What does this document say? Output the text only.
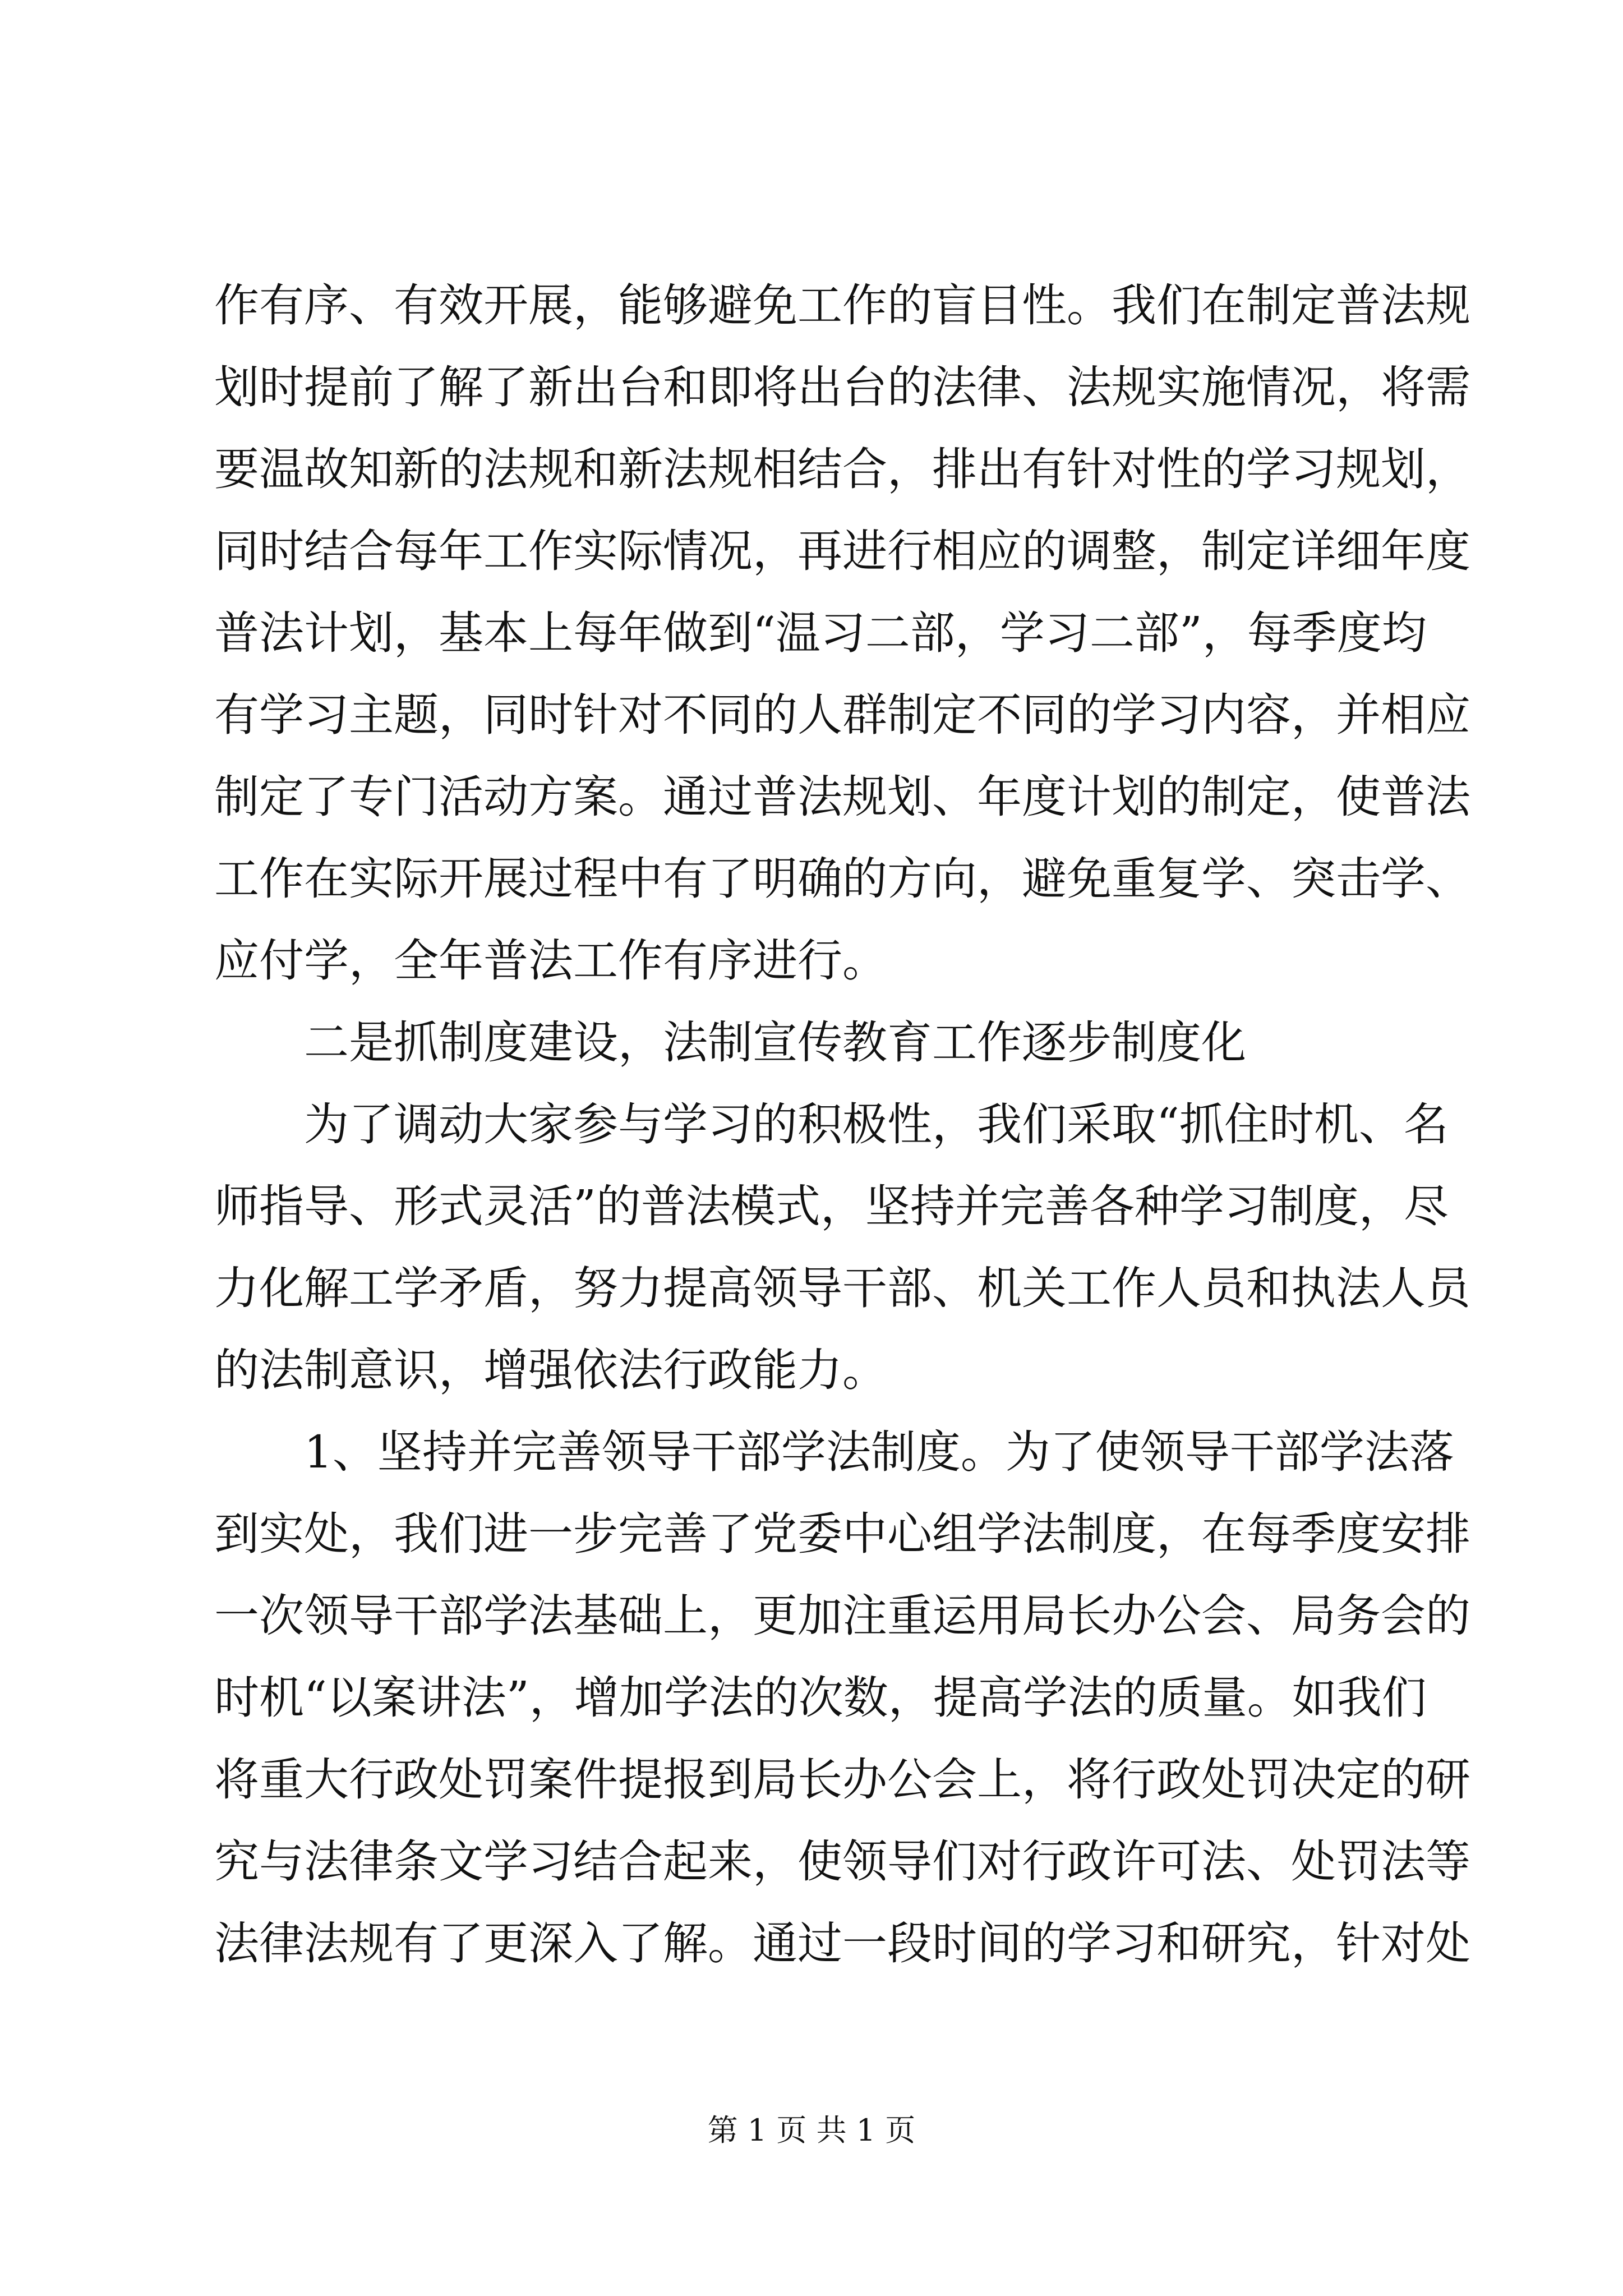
作有序、有效开展，能够避免工作的盲目性。我们在制定普法规
划时提前了解了新出台和即将出台的法律、法规实施情况，将需
要温故知新的法规和新法规相结合，排出有针对性的学习规划，
同时结合每年工作实际情况，再进行相应的调整，制定详细年度
普法计划，基本上每年做到“温习二部，学习二部”，每季度均
有学习主题，同时针对不同的人群制定不同的学习内容，并相应
制定了专门活动方案。通过普法规划、年度计划的制定，使普法
工作在实际开展过程中有了明确的方向，避免重复学、突击学、
应付学，全年普法工作有序进行。
二是抓制度建设，法制宣传教育工作逐步制度化
为了调动大家参与学习的积极性，我们采取“抓住时机、名
师指导、形式灵活”的普法模式，坚持并完善各种学习制度，尽
力化解工学矛盾，努力提高领导干部、机关工作人员和执法人员
的法制意识，增强依法行政能力。
1、坚持并完善领导干部学法制度。为了使领导干部学法落
到实处，我们进一步完善了党委中心组学法制度，在每季度安排
一次领导干部学法基础上，更加注重运用局长办公会、局务会的
时机“以案讲法”，增加学法的次数，提高学法的质量。如我们
将重大行政处罚案件提报到局长办公会上，将行政处罚决定的研
究与法律条文学习结合起来，使领导们对行政许可法、处罚法等
法律法规有了更深入了解。通过一段时间的学习和研究，针对处
第 1 页 共 1 页
